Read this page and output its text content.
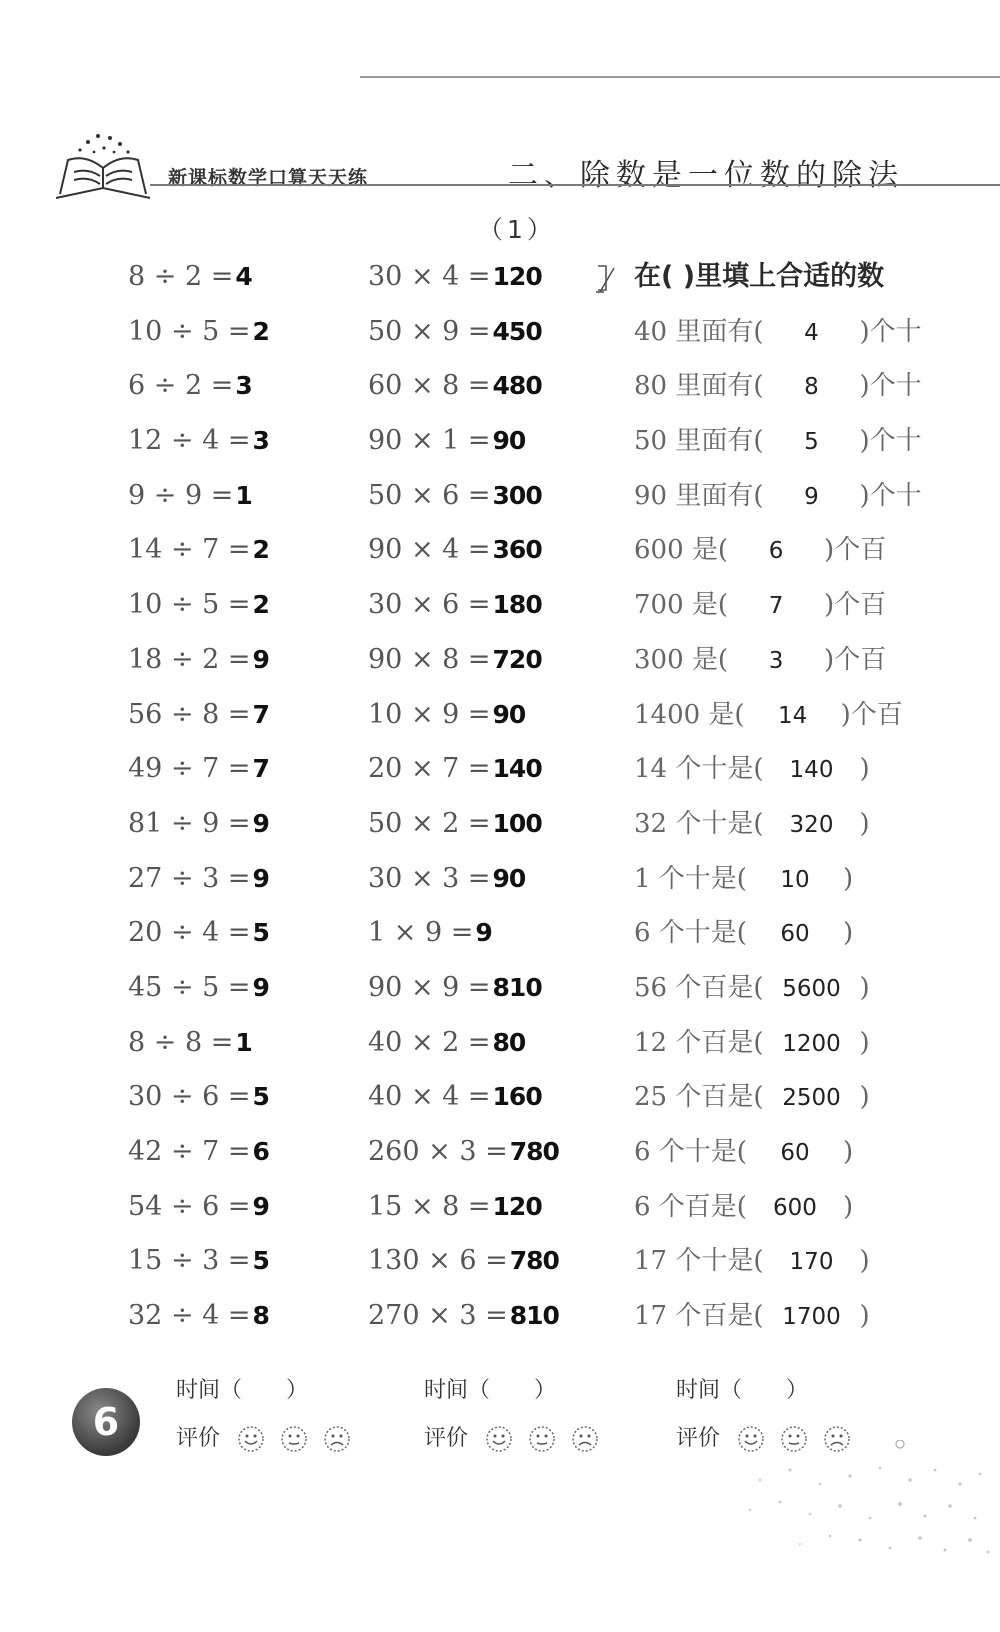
新课标数学口算天天练	二、除数是一位数的除法
（1）
8 ÷ 2 =4
10 ÷ 5 =2
6 ÷ 2 =3
12 ÷ 4 =3
9 ÷ 9 =1
14 ÷ 7 =2
10 ÷ 5 =2
18 ÷ 2 =9
56 ÷ 8 =7
49 ÷ 7 =7
81 ÷ 9 =9
27 ÷ 3 =9
20 ÷ 4 =5
45 ÷ 5 =9
8 ÷ 8 =1
30 ÷ 6 =5
42 ÷ 7 =6
54 ÷ 6 =9
15 ÷ 3 =5
32 ÷ 4 =8
30 × 4 =120
50 × 9 =450
60 × 8 =480
90 × 1 =90
50 × 6 =300
90 × 4 =360
30 × 6 =180
90 × 8 =720
10 × 9 =90
20 × 7 =140
50 × 2 =100
30 × 3 =90
1 × 9 =9
90 × 9 =810
40 × 2 =80
40 × 4 =160
260 × 3 =780
15 × 8 =120
130 × 6 =780
270 × 3 =810
在( )里填上合适的数
40 里面有( 4 )个十
80 里面有( 8 )个十
50 里面有( 5 )个十
90 里面有( 9 )个十
600 是( 6 )个百
700 是( 7 )个百
300 是( 3 )个百
1400 是( 14 )个百
14 个十是( 140 )
32 个十是( 320 )
1 个十是( 10 )
6 个十是( 60 )
56 个百是( 5600 )
12 个百是( 1200 )
25 个百是( 2500 )
6 个十是( 60 )
6 个百是( 600 )
17 个十是( 170 )
17 个百是( 1700 )
6
时间（　　）
评价
时间（　　）
评价
时间（　　）
评价
